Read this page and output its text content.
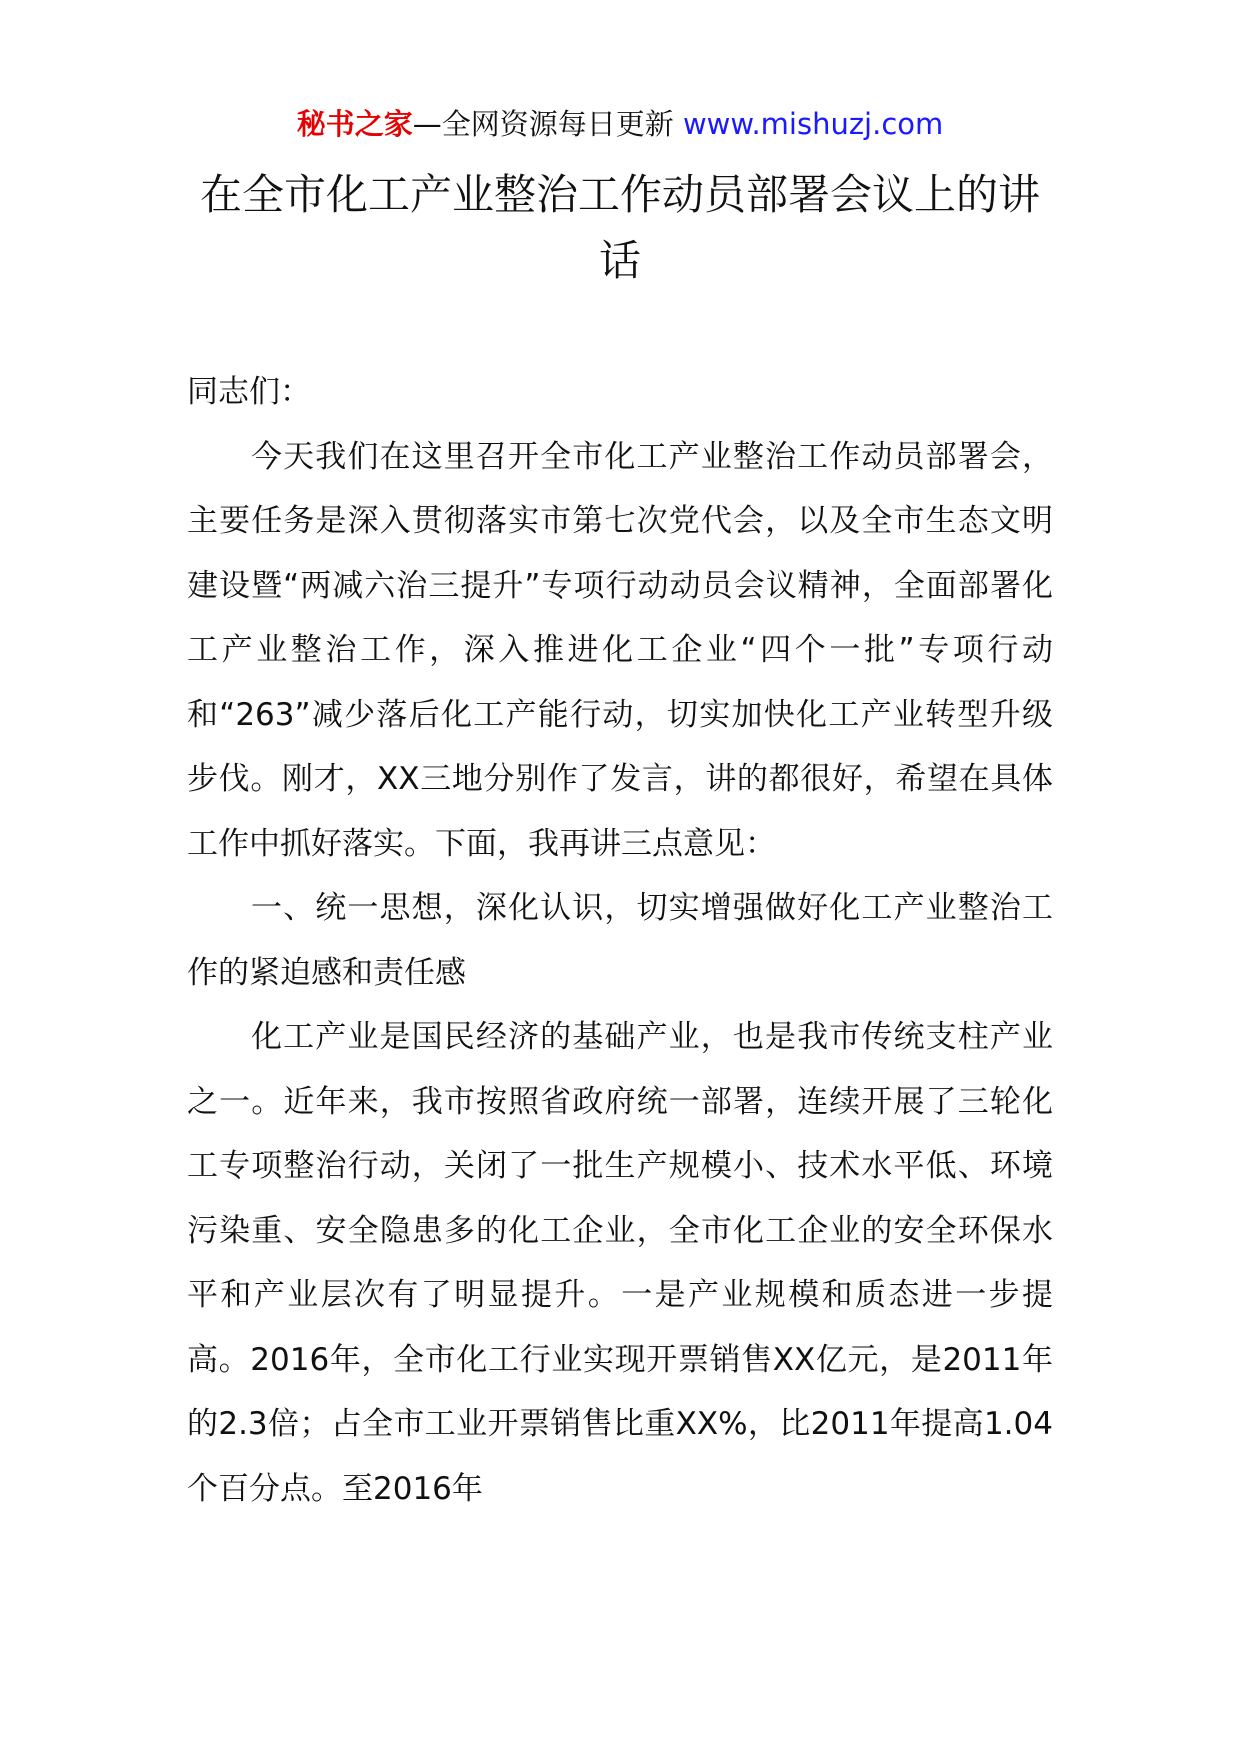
秘书之家—全网资源每日更新 www.mishuzj.com
在全市化工产业整治工作动员部署会议上的讲话

同志们：

今天我们在这里召开全市化工产业整治工作动员部署会，主要任务是深入贯彻落实市第七次党代会，以及全市生态文明建设暨“两减六治三提升”专项行动动员会议精神，全面部署化工产业整治工作，深入推进化工企业“四个一批”专项行动和“263”减少落后化工产能行动，切实加快化工产业转型升级步伐。刚才，XX三地分别作了发言，讲的都很好，希望在具体工作中抓好落实。下面，我再讲三点意见：

一、统一思想，深化认识，切实增强做好化工产业整治工作的紧迫感和责任感

化工产业是国民经济的基础产业，也是我市传统支柱产业之一。近年来，我市按照省政府统一部署，连续开展了三轮化工专项整治行动，关闭了一批生产规模小、技术水平低、环境污染重、安全隐患多的化工企业，全市化工企业的安全环保水平和产业层次有了明显提升。一是产业规模和质态进一步提高。2016年，全市化工行业实现开票销售XX亿元，是2011年的2.3倍；占全市工业开票销售比重XX%，比2011年提高1.04个百分点。至2016年
